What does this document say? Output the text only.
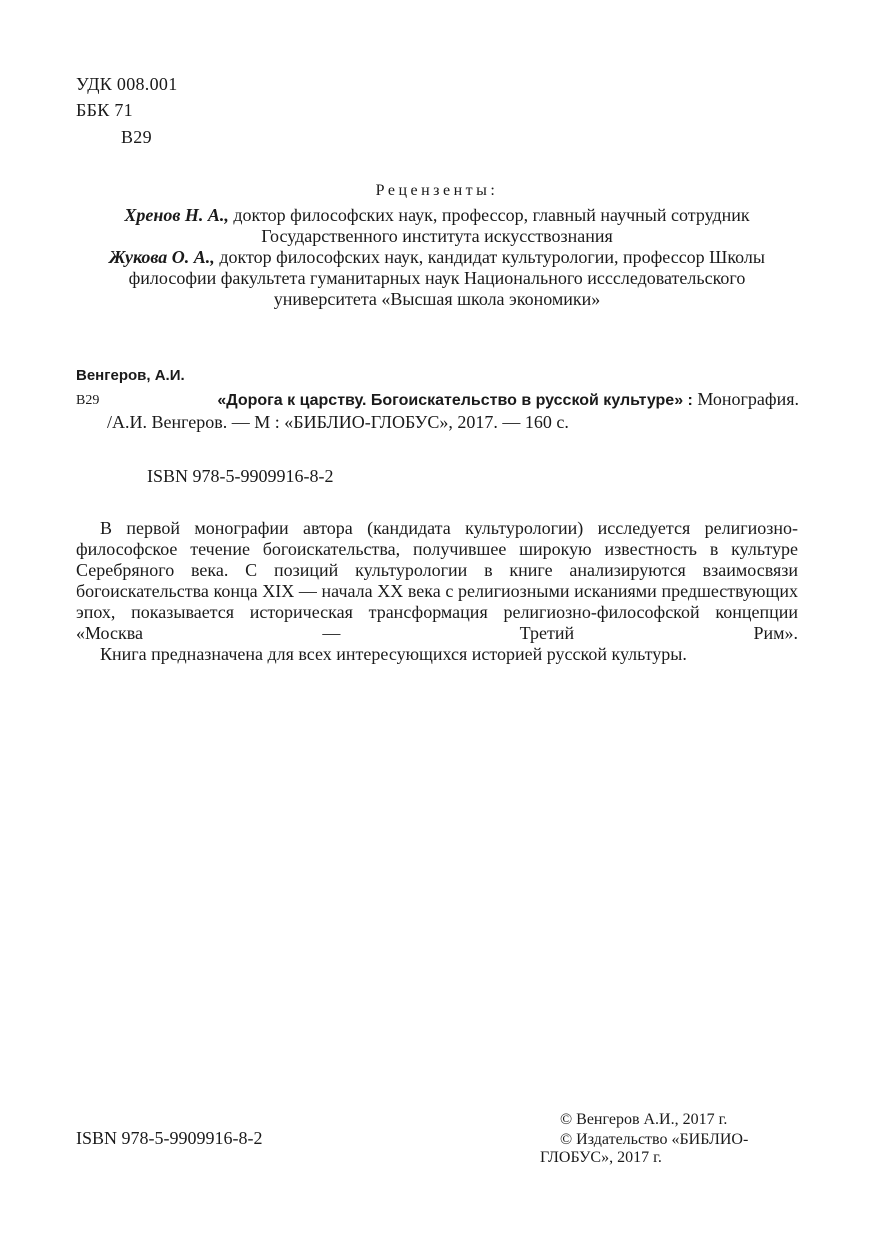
УДК 008.001
ББК 71
В29

Рецензенты:

Хренов Н. А., доктор философских наук, профессор, главный научный сотрудник

Государственного института искусствознания

Жукова О. А., доктор философских наук, кандидат культурологии, профессор Школы

философии факультета гуманитарных наук Национального иссследовательского

университета «Высшая школа экономики»

Венгеров, А.И.
В29	«Дорога к царству. Богоискательство в русской культуре» : Монография.
/А.И. Венгеров. — М : «БИБЛИО-ГЛОБУС», 2017. — 160 с.
ISBN 978-5-9909916-8-2

В первой монографии автора (кандидата культурологии) исследуется религиозно-философское течение богоискательства, получившее широкую известность в культуре Серебряного века. С позиций культурологии в книге анализируются взаимосвязи богоискательства конца XIX — начала XX века с религиозными исканиями предшествующих эпох, показывается историческая трансформация религиозно-философской концепции «Москва — Третий Рим».

Книга предназначена для всех интересующихся историей русской культуры.

ISBN 978-5-9909916-8-2
© Венгеров А.И., 2017 г.
© Издательство «БИБЛИО-
ГЛОБУС», 2017 г.
